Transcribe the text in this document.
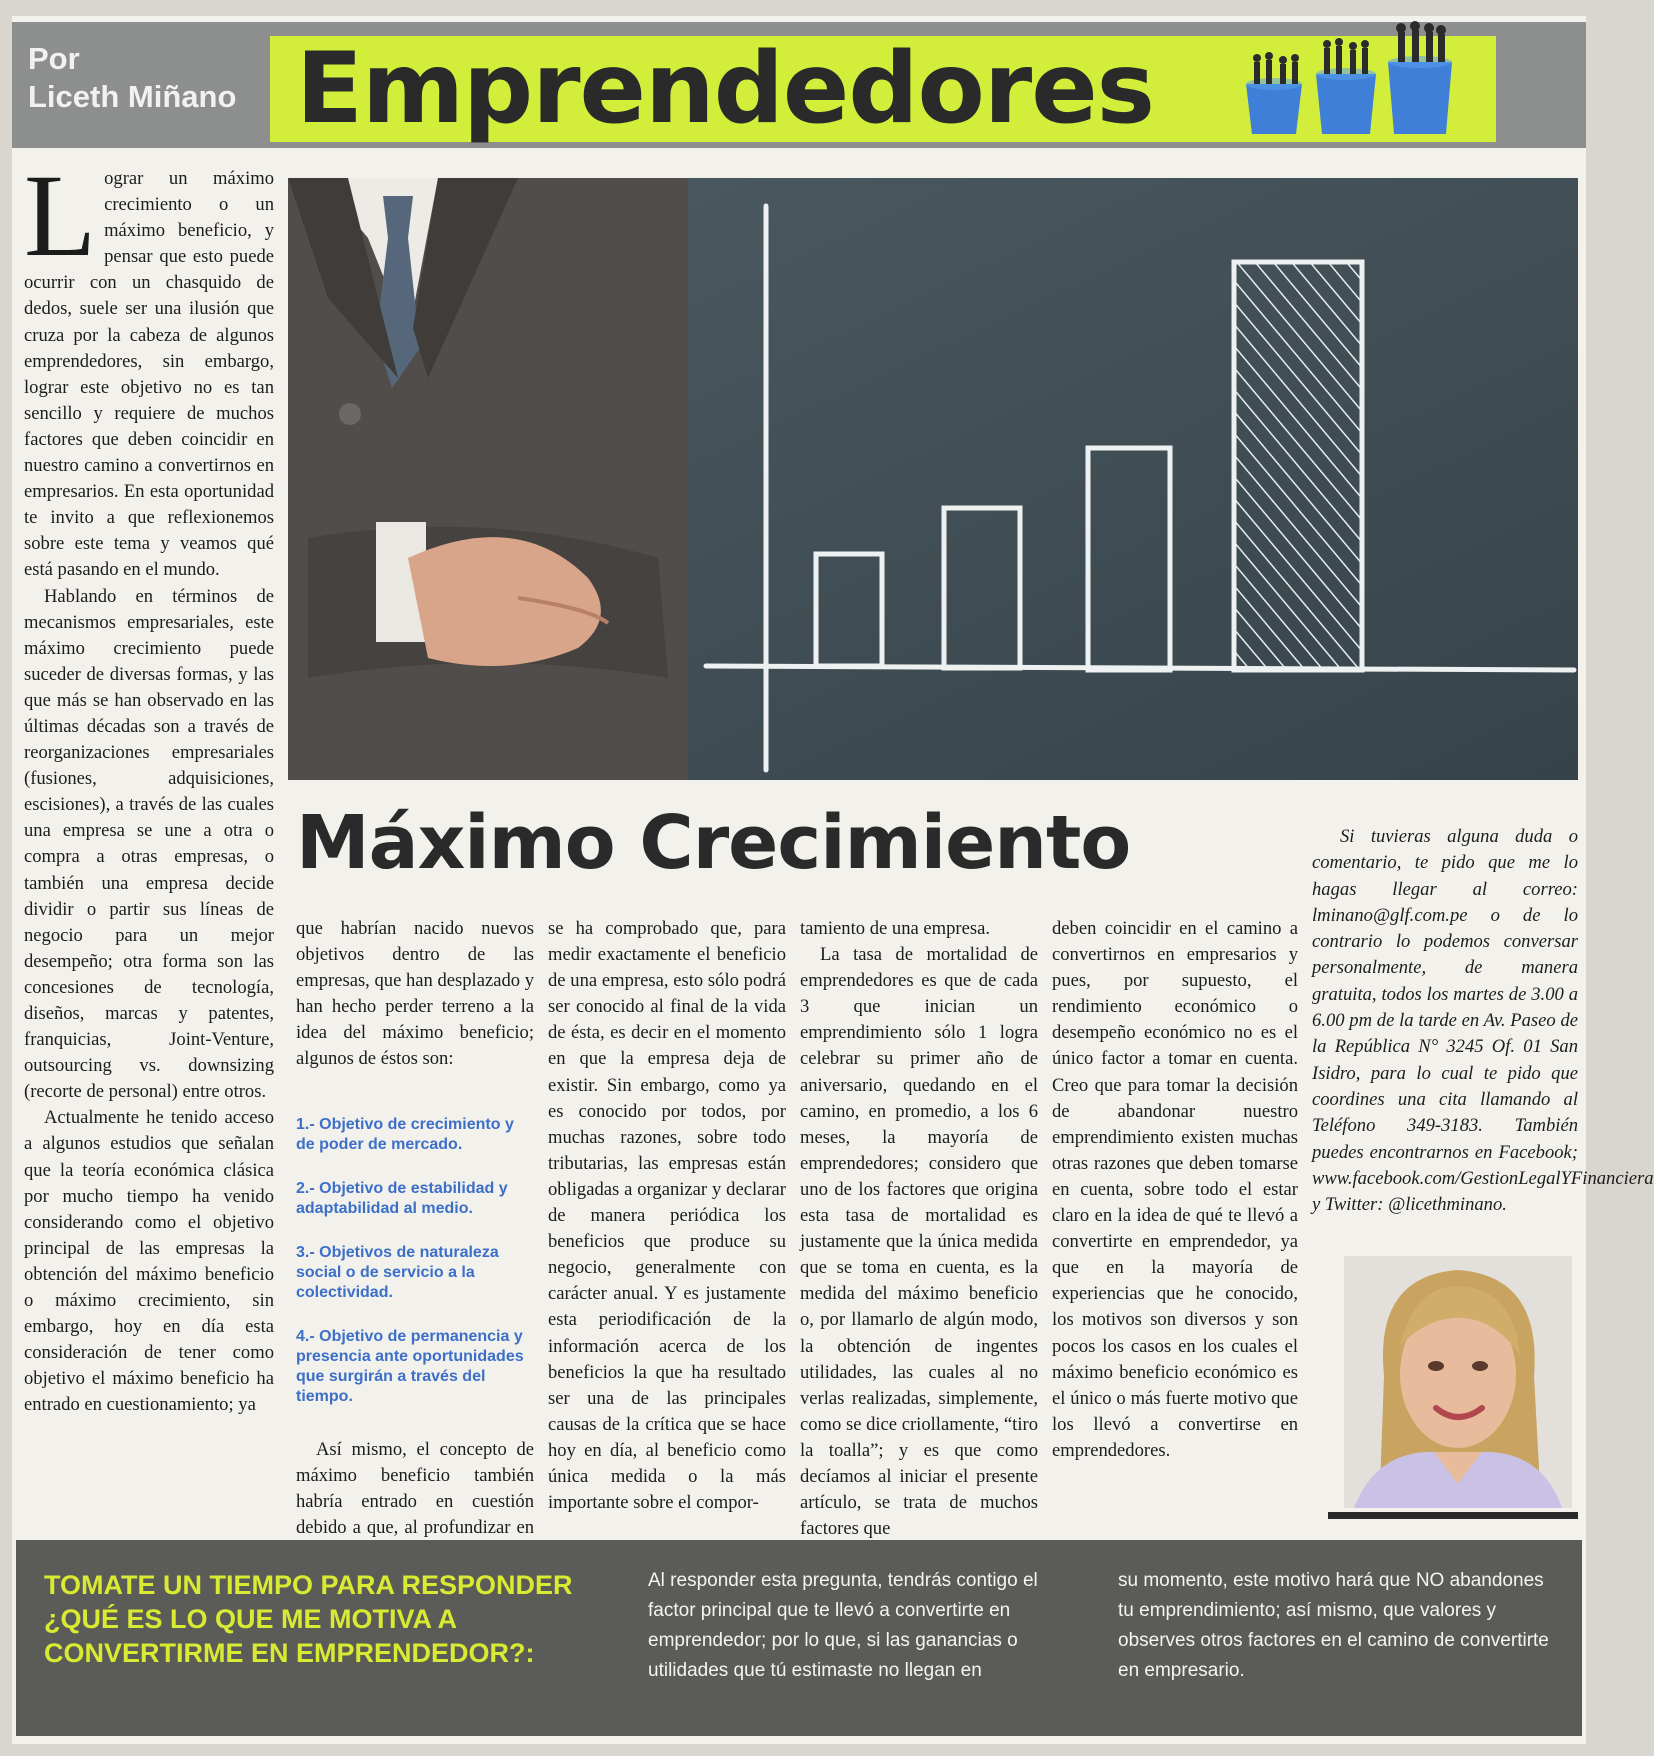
Por
Liceth Miñano Emprendedores
Máximo Crecimiento

Lograr un máximo crecimiento o un máximo beneficio, y pensar que esto puede ocurrir con un chasquido de dedos, suele ser una ilusión que cruza por la cabeza de algunos emprendedores, sin embargo, lograr este objetivo no es tan sencillo y requiere de muchos factores que deben coincidir en nuestro camino a convertirnos en empresarios. En esta oportunidad te invito a que reflexionemos sobre este tema y veamos qué está pasando en el mundo.

Hablando en términos de mecanismos empresariales, este máximo crecimiento puede suceder de diversas formas, y las que más se han observado en las últimas décadas son a través de reorganizaciones empresariales (fusiones, adquisiciones, escisiones), a través de las cuales una empresa se une a otra o compra a otras empresas, o también una empresa decide dividir o partir sus líneas de negocio para un mejor desempeño; otra forma son las concesiones de tecnología, diseños, marcas y patentes, franquicias, Joint-Venture, outsourcing vs. downsizing (recorte de personal) entre otros.

Actualmente he tenido acceso a algunos estudios que señalan que la teoría económica clásica por mucho tiempo ha venido considerando como el objetivo principal de las empresas la obtención del máximo beneficio o máximo crecimiento, sin embargo, hoy en día esta consideración de tener como objetivo el máximo beneficio ha entrado en cuestionamiento; ya

que habrían nacido nuevos objetivos dentro de las empresas, que han desplazado y han hecho perder terreno a la idea del máximo beneficio; algunos de éstos son:

1.- Objetivo de crecimiento y de poder de mercado.
2.- Objetivo de estabilidad y adaptabilidad al medio.
3.- Objetivos de naturaleza social o de servicio a la colectividad.
4.- Objetivo de permanencia y presencia ante oportunidades que surgirán a través del tiempo.

Así mismo, el concepto de máximo beneficio también habría entrado en cuestión debido a que, al profundizar en

se ha comprobado que, para medir exactamente el beneficio de una empresa, esto sólo podrá ser conocido al final de la vida de ésta, es decir en el momento en que la empresa deja de existir. Sin embargo, como ya es conocido por todos, por muchas razones, sobre todo tributarias, las empresas están obligadas a organizar y declarar de manera periódica los beneficios que produce su negocio, generalmente con carácter anual. Y es justamente esta periodificación de la información acerca de los beneficios la que ha resultado ser una de las principales causas de la crítica que se hace hoy en día, al beneficio como única medida o la más importante sobre el compor-

tamiento de una empresa.

La tasa de mortalidad de emprendedores es que de cada 3 que inician un emprendimiento sólo 1 logra celebrar su primer año de aniversario, quedando en el camino, en promedio, a los 6 meses, la mayoría de emprendedores; considero que uno de los factores que origina esta tasa de mortalidad es justamente que la única medida que se toma en cuenta, es la medida del máximo beneficio o, por llamarlo de algún modo, la obtención de ingentes utilidades, las cuales al no verlas realizadas, simplemente, como se dice criollamente, “tiro la toalla”; y es que como decíamos al iniciar el presente artículo, se trata de muchos factores que

deben coincidir en el camino a convertirnos en empresarios y pues, por supuesto, el rendimiento económico o desempeño económico no es el único factor a tomar en cuenta. Creo que para tomar la decisión de abandonar nuestro emprendimiento existen muchas otras razones que deben tomarse en cuenta, sobre todo el estar claro en la idea de qué te llevó a convertirte en emprendedor, ya que en la mayoría de experiencias que he conocido, los motivos son diversos y son pocos los casos en los cuales el máximo beneficio económico es el único o más fuerte motivo que los llevó a convertirse en emprendedores.

Si tuvieras alguna duda o comentario, te pido que me lo hagas llegar al correo: lminano@glf.com.pe o de lo contrario lo podemos conversar personalmente, de manera gratuita, todos los martes de 3.00 a 6.00 pm de la tarde en Av. Paseo de la República N° 3245 Of. 01 San Isidro, para lo cual te pido que coordines una cita llamando al Teléfono 349-3183. También puedes encontrarnos en Facebook; www.facebook.com/GestionLegalYFinanciera y Twitter: @licethminano.

TOMATE UN TIEMPO PARA RESPONDER ¿QUÉ ES LO QUE ME MOTIVA A CONVERTIRME EN EMPRENDEDOR?:
Al responder esta pregunta, tendrás contigo el factor principal que te llevó a convertirte en emprendedor; por lo que, si las ganancias o utilidades que tú estimaste no llegan en
su momento, este motivo hará que NO abandones tu emprendimiento; así mismo, que valores y observes otros factores en el camino de convertirte en empresario.
